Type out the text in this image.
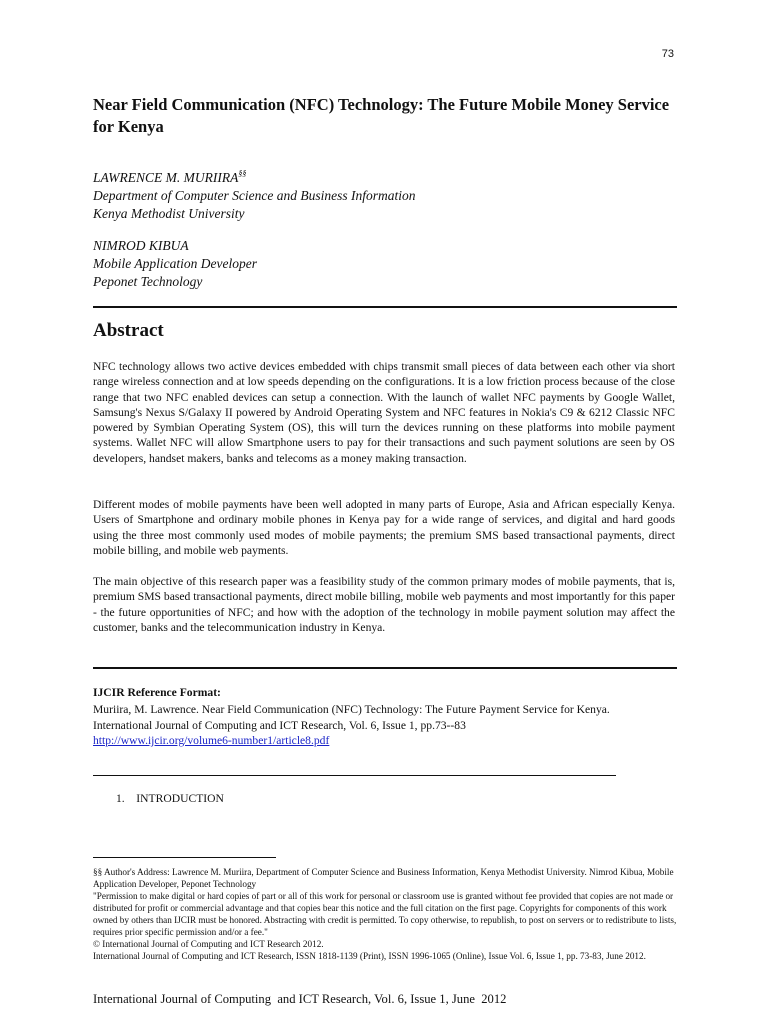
73
Near Field Communication (NFC) Technology: The Future Mobile Money Service for Kenya
LAWRENCE M. MURIIRA§§
Department of Computer Science and Business Information
Kenya Methodist University
NIMROD KIBUA
Mobile Application Developer
Peponet Technology
Abstract
NFC technology allows two active devices embedded with chips transmit small pieces of data between each other via short range wireless connection and at low speeds depending on the configurations. It is a low friction process because of the close range that two NFC enabled devices can setup a connection. With the launch of wallet NFC payments by Google Wallet, Samsung's Nexus S/Galaxy II powered by Android Operating System and NFC features in Nokia's C9 & 6212 Classic NFC powered by Symbian Operating System (OS), this will turn the devices running on these platforms into mobile payment systems. Wallet NFC will allow Smartphone users to pay for their transactions and such payment solutions are seen by OS developers, handset makers, banks and telecoms as a money making transaction.
Different modes of mobile payments have been well adopted in many parts of Europe, Asia and African especially Kenya. Users of Smartphone and ordinary mobile phones in Kenya pay for a wide range of services, and digital and hard goods using the three most commonly used modes of mobile payments; the premium SMS based transactional payments, direct mobile billing, and mobile web payments.
The main objective of this research paper was a feasibility study of the common primary modes of mobile payments, that is, premium SMS based transactional payments, direct mobile billing, mobile web payments and most importantly for this paper - the future opportunities of NFC; and how with the adoption of the technology in mobile payment solution may affect the customer, banks and the telecommunication industry in Kenya.
IJCIR Reference Format:
Muriira, M. Lawrence. Near Field Communication (NFC) Technology: The Future Payment Service for Kenya.
International Journal of Computing and ICT Research, Vol. 6, Issue 1, pp.73--83
http://www.ijcir.org/volume6-number1/article8.pdf
1.    INTRODUCTION
§§ Author's Address: Lawrence M. Muriira, Department of Computer Science and Business Information, Kenya Methodist University. Nimrod Kibua, Mobile Application Developer, Peponet Technology
"Permission to make digital or hard copies of part or all of this work for personal or classroom use is granted without fee provided that copies are not made or distributed for profit or commercial advantage and that copies bear this notice and the full citation on the first page. Copyrights for components of this work owned by others than IJCIR must be honored. Abstracting with credit is permitted. To copy otherwise, to republish, to post on servers or to redistribute to lists, requires prior specific permission and/or a fee."
© International Journal of Computing and ICT Research 2012.
International Journal of Computing and ICT Research, ISSN 1818-1139 (Print), ISSN 1996-1065 (Online), Issue Vol. 6, Issue 1, pp. 73-83, June 2012.
International Journal of Computing  and ICT Research, Vol. 6, Issue 1, June  2012
